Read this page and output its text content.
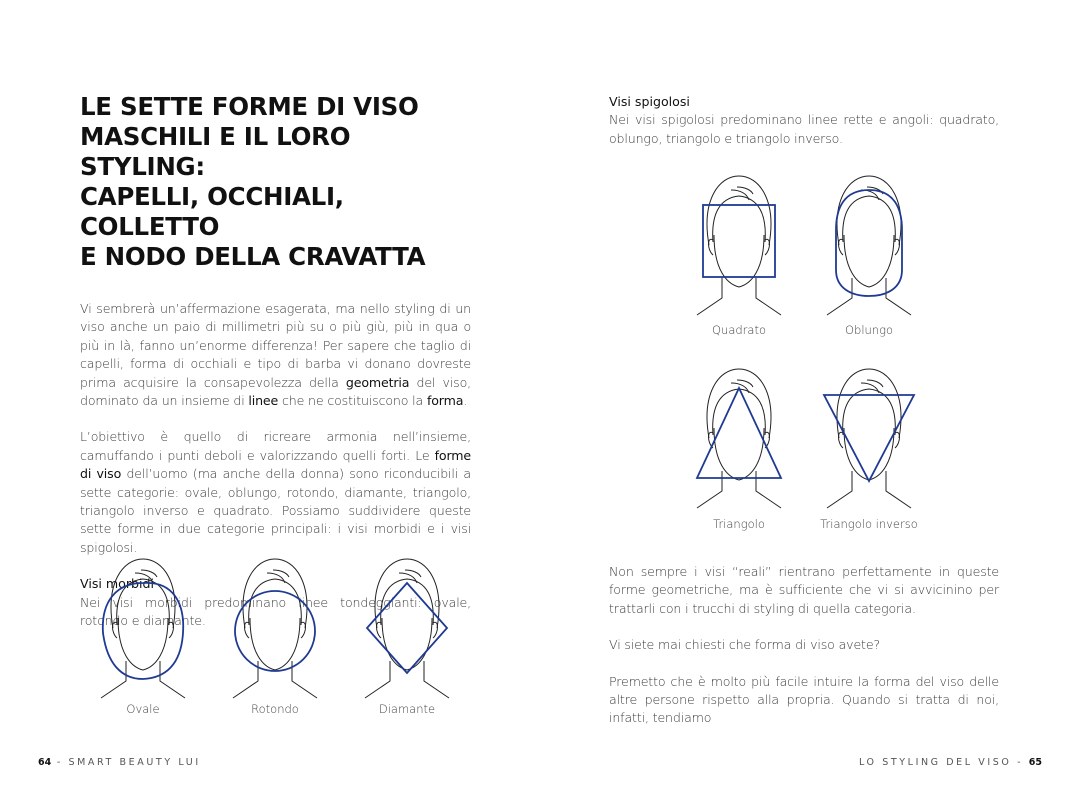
LE SETTE FORME DI VISO
MASCHILI E IL LORO STYLING:
CAPELLI, OCCHIALI, COLLETTO
E NODO DELLA CRAVATTA

Vi sembrerà un’affermazione esagerata, ma nello styling di un viso anche un paio di millimetri più su o più giù, più in qua o più in là, fanno un’enorme differenza! Per sapere che taglio di capelli, forma di occhiali e tipo di barba vi donano dovreste prima acquisire la consapevolezza della geometria del viso, dominato da un insieme di linee che ne costituiscono la forma.

L’obiettivo è quello di ricreare armonia nell’insieme, camuffando i punti deboli e valorizzando quelli forti. Le forme di viso dell’uomo (ma anche della donna) sono riconducibili a sette categorie: ovale, oblungo, rotondo, diamante, triangolo, triangolo inverso e quadrato. Possiamo suddividere queste sette forme in due categorie principali: i visi morbidi e i visi spigolosi.

Visi morbidi

Nei visi morbidi predominano linee tondeggianti: ovale, rotondo e diamante.

Visi spigolosi

Nei visi spigolosi predominano linee rette e angoli: quadrato, oblungo, triangolo e triangolo inverso.

Non sempre i visi “reali” rientrano perfettamente in queste forme geometriche, ma è sufficiente che vi si avvicinino per trattarli con i trucchi di styling di quella categoria.

Vi siete mai chiesti che forma di viso avete?

Premetto che è molto più facile intuire la forma del viso delle altre persone rispetto alla propria. Quando si tratta di noi, infatti, tendiamo

Ovale	Rotondo	Diamante
Quadrato	Oblungo
Triangolo	Triangolo inverso
64 - SMART BEAUTY LUI	LO STYLING DEL VISO - 65
